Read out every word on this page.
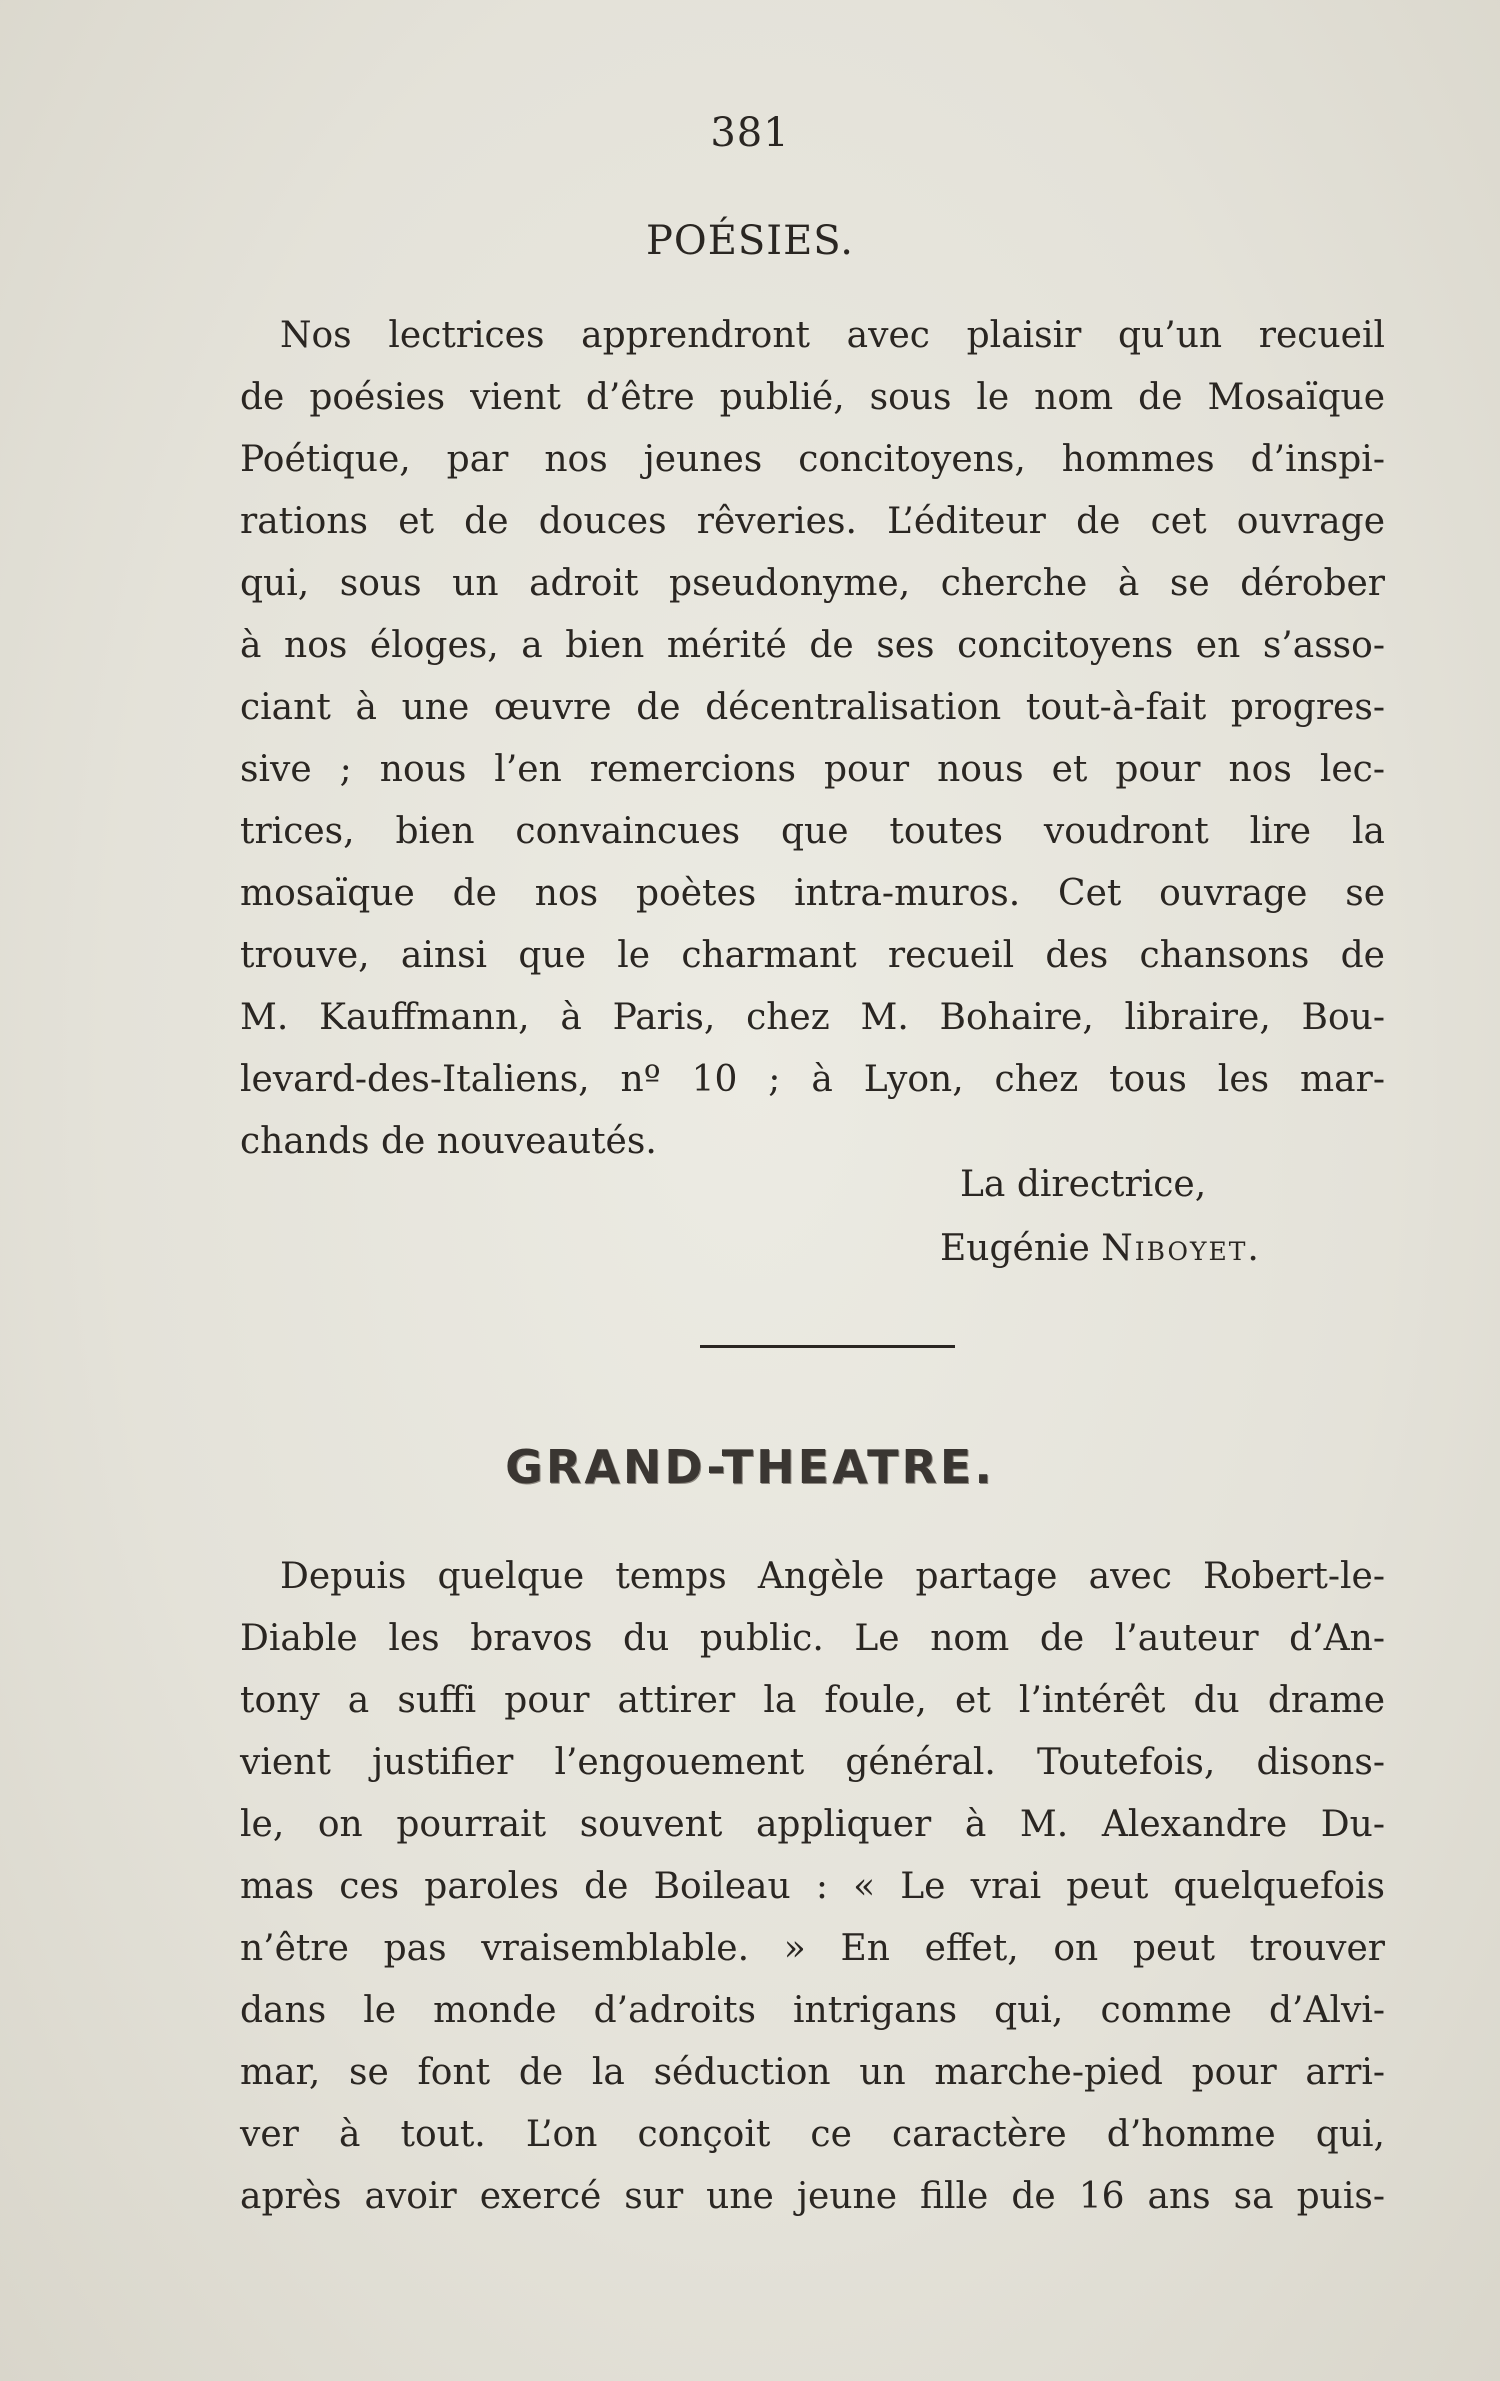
381
POÉSIES.
Nos lectrices apprendront avec plaisir qu’un recueil
de poésies vient d’être publié, sous le nom de Mosaïque
Poétique, par nos jeunes concitoyens, hommes d’inspi-
rations et de douces rêveries. L’éditeur de cet ouvrage
qui, sous un adroit pseudonyme, cherche à se dérober
à nos éloges, a bien mérité de ses concitoyens en s’asso-
ciant à une œuvre de décentralisation tout-à-fait progres-
sive ; nous l’en remercions pour nous et pour nos lec-
trices, bien convaincues que toutes voudront lire la
mosaïque de nos poètes intra-muros. Cet ouvrage se
trouve, ainsi que le charmant recueil des chansons de
M. Kauffmann, à Paris, chez M. Bohaire, libraire, Bou-
levard-des-Italiens, nº 10 ; à Lyon, chez tous les mar-
chands de nouveautés.
La directrice,
Eugénie Niboyet.
GRAND-THEATRE.
Depuis quelque temps Angèle partage avec Robert-le-
Diable les bravos du public. Le nom de l’auteur d’An-
tony a suffi pour attirer la foule, et l’intérêt du drame
vient justifier l’engouement général. Toutefois, disons-
le, on pourrait souvent appliquer à M. Alexandre Du-
mas ces paroles de Boileau : « Le vrai peut quelquefois
n’être pas vraisemblable. » En effet, on peut trouver
dans le monde d’adroits intrigans qui, comme d’Alvi-
mar, se font de la séduction un marche-pied pour arri-
ver à tout. L’on conçoit ce caractère d’homme qui,
après avoir exercé sur une jeune fille de 16 ans sa puis-
